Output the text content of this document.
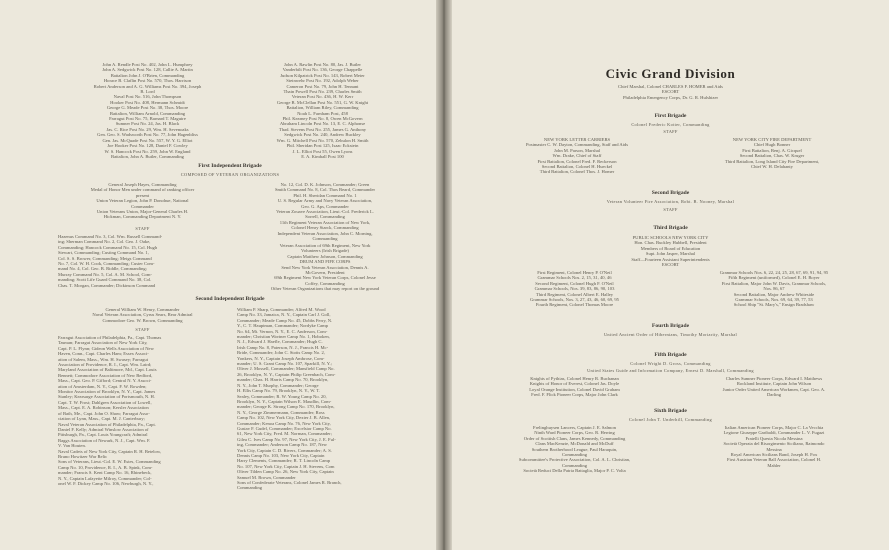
John A. Rendle Post No. 402, John L. Humphrey
John A. Sedgwick Post No. 128, Callie A. Martin
Battalion John J. O'Brien, Commanding
Horace B. Claflin Post No. 570, Thos. Harrison
Robert Anderson and A. G. Williams Post No. 394, Joseph
B. Lord
Naval Post No. 516, John Thompson
Hooker Post No. 408, Hermann Schmidt
George G. Meade Post No. 38, Thos. Moore
Battalion, William Arnold, Commanding
Farragut Post No. 75, Barnard T. Maguire
Sumner Post No. 24, Jas. H. Black
Jas. C. Rice Post No. 29, Wm. H. Sevenoaks
Gen. Geo. S. Wadsworth Post No. 77, John Hagenbliss
Gen. Jas. McQuade Post No. 557, W. Y. G. Elliot
Joe Hooker Post No. 128, Daniel F. Cowley
W. S. Hancock Post No. 259, John W. England
Battalion, John A. Butler, Commanding
John A. Rawlin Post No. 80, Jas. J. Butler
Vanderbilt Post No. 136, George Chappelle
Judson Kilpatrick Post No. 143, Robert Meier
Steinwehr Post No. 192, Adolph Weber
Cameron Post No. 79, John H. Tennant
Thain Powell Post No. 239, Charles Smith
Veteran Post No. 436, H. W. Kerr
George B. McClellan Post No. 551, G. W. Knight
Battalion, William Riley, Commanding
Noah L. Farnham Post, 458
Phil. Kearney Post No. 8, Owen McGovern
Abraham Lincoln Post No. 13, E. C. Alphonse
Thad. Stevens Post No. 255, James G. Anthony
Sedgwick Post No. 240, Andrew Buckley
Wm. G. Mitchell Post No. 570, Zebulon H. Smith
Phil. Sheridan Post 125, Isaac Eckstein
J. L. Elliot Post 55, Owen Lyons
E. A. Kimball Post 100
First Independent Brigade
COMPOSED OF VETERAN ORGANIZATIONS
General Joseph Hayes, Commanding
Medal of Honor Men under command of ranking officer
present
Union Veteran Legion, John P. Donohue, National
Commander
Union Veterans Union, Major-General Charles H.
Hickman, Commanding Department N. Y.
No. 12, Col. D. K. Johnson, Commander; Green
Smith Command No. 8, Col. Thos Beard, Commander
Phil. H. Sheridan Command No. 1
U. S. Regular Army and Navy Veteran Association,
Geo. G. Aps, Commander
Veteran Zouave Association, Lieut.-Col. Frederick L.
Sorrell, Commanding
11th Regiment Veteran Association of New York,
Colonel Henry Starck, Commanding
Independent Veteran Association, John C. Morning,
Commanding
STAFF
Hazenus Command No. 3, Col. Wm. Russell Command-
ing; Sherman Command No. 2, Col. Geo. J. Oake,
Commanding; Hancock Command No. 15, Col. Hugh
Stewart, Commanding; Custing Command No. 1,
Col. S. S. Brower, Commanding; Meigs Command
No. 7, Col. W. H. Cook, Commanding; Custer Com-
mand No. 4, Col. Geo. B. Riddle, Commanding;
Murray Command No. 5, Col. A. M. School, Com-
manding; Scott Life Guard Command No. 38, Col.
Chas. T. Morgan, Commander; Dickinson Command
Veteran Association of 69th Regiment, New York
Volunteers (Irish Brigade)
Captain Matthew Johnson, Commanding
DRUM AND FIFE CORPS
Send New York Veteran Association, Dennis A.
McGovern, President
69th Regiment New York Veteran Corps, Colonel Jesse
Coffey, Commanding
Other Veteran Organizations that may report on the ground
Second Independent Brigade
General William W. Henry, Commander
Naval Veteran Association, Cyrus Sears, Rear Admiral
Commodore Geo. W. Brown, Commanding
STAFF
Farragut Association of Philadelphia, Pa., Capt. Thomas
Tasman; Farragut Association of New York City,
Capt. P. L. Flynn; Gideon Wells Association of New
Haven, Conn., Capt. Charles Ham; Essex Associ-
ation of Salem, Mass., Wm. H. Swasey; Farragut
Association of Providence, R. I., Capt. Wm. Laird;
Maryland Association of Baltimore, Md., Capt. Louis
Bennett; Commodore Association of New Bedford,
Mass., Capt. Geo. P. Gifford; Central N. Y. Associ-
ation of Amsterdam, N. Y., Capt. F. W. Rowden;
Monitor Association of Brooklyn, N. Y., Capt. James
Stanley; Kearsarge Association of Portsmouth, N. H.
Capt. T. W. Frost; Dahlgren Association of Lowell,
Mass., Capt. E. A. Robinson; Kersler Association
of Bath, Me., Capt. John O. Shaw; Farragut Asso-
ciation of Lynn, Mass., Capt. M. J. Canterbury;
Naval Veteran Association of Philadelphia, Pa., Capt.
Daniel F. Kelly; Admiral Winslow Association of
Pittsburgh, Pa., Capt. Louis Youngcraft; Admiral
Baggs Association of Newark, N. J., Capt. Wm. F.
V. Van Houten.
Naval Cadets of New York City, Captain R. H. Betelow,
Bruno Howitzer War Relic
Sons of Veterans, Lieut.-Col. E. W. Estes, Commanding
Camp No. 10, Providence, R. I., A. B. Spink, Com-
mander; Francis S. Kent Camp No. 16, Rhinebeck,
N. Y., Captain Lafayette Milroy, Commander; Col-
onel W. F. Dickey Camp No. 106, Newburgh, N. Y.,
William P. Sharp, Commander; Alfred M. Wood
Camp No. 33, Jamaica, N. Y., Captain Carl J. Goll,
Commander; Meade Camp No. 45, Dobbs Ferry, N.
Y., C. T. Hauptman, Commander; Nordyke Camp
No. 64, Mt. Vernon, N. Y., E. C. Anderson, Com-
mander; Christian Wortner Camp No. 1, Hoboken,
N. J., Edward J. Haefle, Commander; Hugh C.
Irish Camp No. 8, Paterson, N. J., Francis H. Mc-
Bride, Commander; John C. Stotts Camp No. 2,
Yonkers, N. Y., Captain Joseph Ambrose, Com-
mander; U. S. Grant Camp No. 107, Sparkill, N. Y.;
Oliver J. Mossell, Commander; Mansfield Camp No.
26, Brooklyn, N. Y., Captain Philip Greenbach, Com-
mander; Chas. H. Harris Camp No. 70, Brooklyn,
N. Y., John T. Murphy, Commander; George
H. Ellis Camp No. 79, Brooklyn, N. Y., W. T.
Sealey, Commander; R. W. Young Camp No. 20,
Brooklyn, N. Y., Captain Wilson E. Maudlin, Com-
mander; George K. Strong Camp No. 170, Brooklyn,
N. Y., George Zimmermann, Commander; Ross
Camp No. 102, New York City, Dexter J. B. Allen,
Commander; Kenoa Camp No. 76, New York City,
Gustav F. Gudel, Commander; Excelsior Camp No.
61, New York City, Fred. M. Norman, Commander;
Gilea C. Ives Camp No. 97, New York City, J. E. Ful-
ing, Commander; Anderson Camp No. 187, New
York City, Captain C. D. Rivers, Commander; A. S.
Dennis Camp No. 103, New York City, Captain
Harry Clements, Commander; R. T. Lincoln Camp
No. 107, New York City, Captain J. H. Stevens, Com
Oliver Tilden Camp No. 26, New York City, Captain
Samuel M. Brown, Commander
Sons of Confederate Veterans, Colonel James R. Branch,
Commanding
Civic Grand Division
Chief Marshal, Colonel CHARLES F. HOMER and Aids
ESCORT
Philadelphia Emergency Corps, Dr. G. R. Hulshizer
First Brigade
Colonel Frederic Kotter, Commanding
STAFF
NEW YORK LETTER CARRIERS
Postmaster C. W. Dayton, Commanding, Staff and Aids
John M. Parson, Marshal
Wm. Drake, Chief of Staff
First Battalion, Colonel Fred. F. Reckerson
Second Battalion, Colonel H. Hueckel
Third Battalion, Colonel Thos. J. Homer
NEW YORK CITY FIRE DEPARTMENT
Chief Hugh Bonner
First Battalion, Benj. A. Gicquel
Second Battalion, Chas. W. Kruger
Third Battalion, Long Island City Fire Department,
Chief W. H. Delahanty
Second Brigade
Veteran Volunteer Fire Association, Robt. B. Nooney, Marshal
STAFF
Third Brigade
PUBLIC SCHOOLS NEW YORK CITY
Hon. Chas. Buckley Hubbell, President
Members of Board of Education
Supt. John Jasper, Marshal
Staff—Fourteen Assistant Superintendents
ESCORT
First Regiment, Colonel Henry P. O'Neil
Grammar Schools Nos. 2, 15, 31, 40, 46
Second Regiment, Colonel Hugh F. O'Neil
Grammar Schools, Nos. 39, 83, 86, 90, 103
Third Regiment, Colonel Albert E. Halley
Grammar Schools, Nos. 3, 27, 43, 46, 60, 69, 95
Fourth Regiment, Colonel Thomas Moore
Grammar Schools Nos. 6, 22, 24, 25, 28, 67, 69, 91, 94, 95
Fifth Regiment (uniformed), Colonel E. H. Boyer
First Battalion, Major John W. Davis, Grammar Schools,
Nos. 86, 67
Second Battalion, Major Andrew Whiteside
Grammar Schools, Nos. 69, 64, 39, 77, 53
School Ship "St. Mary's," Ensign Bradshaw
Fourth Brigade
United Ancient Order of Hibernians, Timothy Moriarity, Marshal
Fifth Brigade
Colonel Wright D. Gross, Commanding
United States Guide and Information Company, Ernest D. Marshall, Commanding
Knights of Pythias, Colonel Henry R. Buchanan
Knights of Honor of Everest, Colonel Jas. Doyle
Loyal Orange Institution, Colonel David Graham
Fred. F. Flick Pioneer Corps, Major John Clark
Charles Sumner Pioneer Corps, Edward I. Matthews
Rockland Institute, Captain John Wilson
Junior Order United American Workmen, Capt. Geo. A.
Darling
Sixth Brigade
Colonel John T. Underhill, Commanding
Frelinghuysen Lancers, Captain J. E. Salmon
Ninth Ward Pioneer Corps, Geo. R. Herring
Order of Scottish Clans, James Kennedy, Commanding
Clans MacKenzie, McDonald and McDuff
Southern Brotherhood League, Paul Haraquin,
Commanding
Subcommittee's Protective Association, Col. A. L. Christian,
Commanding
Società Reduci Della Patria Battaglia, Major P. C. Volta
Italian American Pioneer Corps, Major C. La Vecchia
Legione Giuseppe Garibaldi, Commander L. V. Fugazi
Fratelli Questa Nicola Messina
Società Operaia del Risorgimento Siciliano, Raimondo
Messina
Royal American Sicilians Band, Joseph H. Fox
First Austrian Veteran Ball Association, Colonel H.
Mahler
